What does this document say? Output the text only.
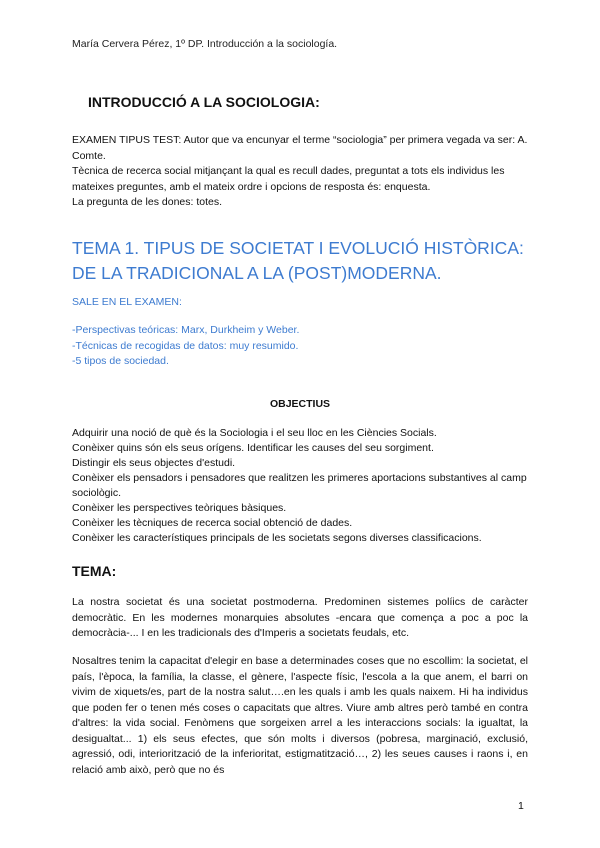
María Cervera Pérez, 1º DP. Introducción a la sociología.
INTRODUCCIÓ A LA SOCIOLOGIA:

EXAMEN TIPUS TEST: Autor que va encunyar el terme “sociologia” per primera vegada va ser: A. Comte.

Tècnica de recerca social mitjançant la qual es recull dades, preguntat a tots els individus les mateixes preguntes, amb el mateix ordre i opcions de resposta és: enquesta.

La pregunta de les dones: totes.

TEMA 1. TIPUS DE SOCIETAT I EVOLUCIÓ HISTÒRICA: DE LA TRADICIONAL A LA (POST)MODERNA.
SALE EN EL EXAMEN:

-Perspectivas teóricas: Marx, Durkheim y Weber.

-Técnicas de recogidas de datos: muy resumido.

-5 tipos de sociedad.

OBJECTIUS

Adquirir una noció de què és la Sociologia i el seu lloc en les Ciències Socials.

Conèixer quins són els seus orígens. Identificar les causes del seu sorgiment.

Distingir els seus objectes d'estudi.

Conèixer els pensadors i pensadores que realitzen les primeres aportacions substantives al camp sociològic.

Conèixer les perspectives teòriques bàsiques.

Conèixer les tècniques de recerca social obtenció de dades.

Conèixer les característiques principals de les societats segons diverses classificacions.

TEMA:
La nostra societat és una societat postmoderna. Predominen sistemes políics de caràcter democràtic. En les modernes monarquies absolutes -encara que comença a poc a poc la democràcia-... I en les tradicionals des d'Imperis a societats feudals, etc.
Nosaltres tenim la capacitat d'elegir en base a determinades coses que no escollim: la societat, el país, l'època, la família, la classe, el gènere, l'aspecte físic, l'escola a la que anem, el barri on vivim de xiquets/es, part de la nostra salut….en les quals i amb les quals naixem. Hi ha individus que poden fer o tenen més coses o capacitats que altres. Viure amb altres però també en contra d'altres: la vida social. Fenòmens que sorgeixen arrel a les interaccions socials: la igualtat, la desigualtat... 1) els seus efectes, que són molts i diversos (pobresa, marginació, exclusió, agressió, odi, interiorització de la inferioritat, estigmatització…, 2) les seues causes i raons i, en relació amb això, però que no és
1
